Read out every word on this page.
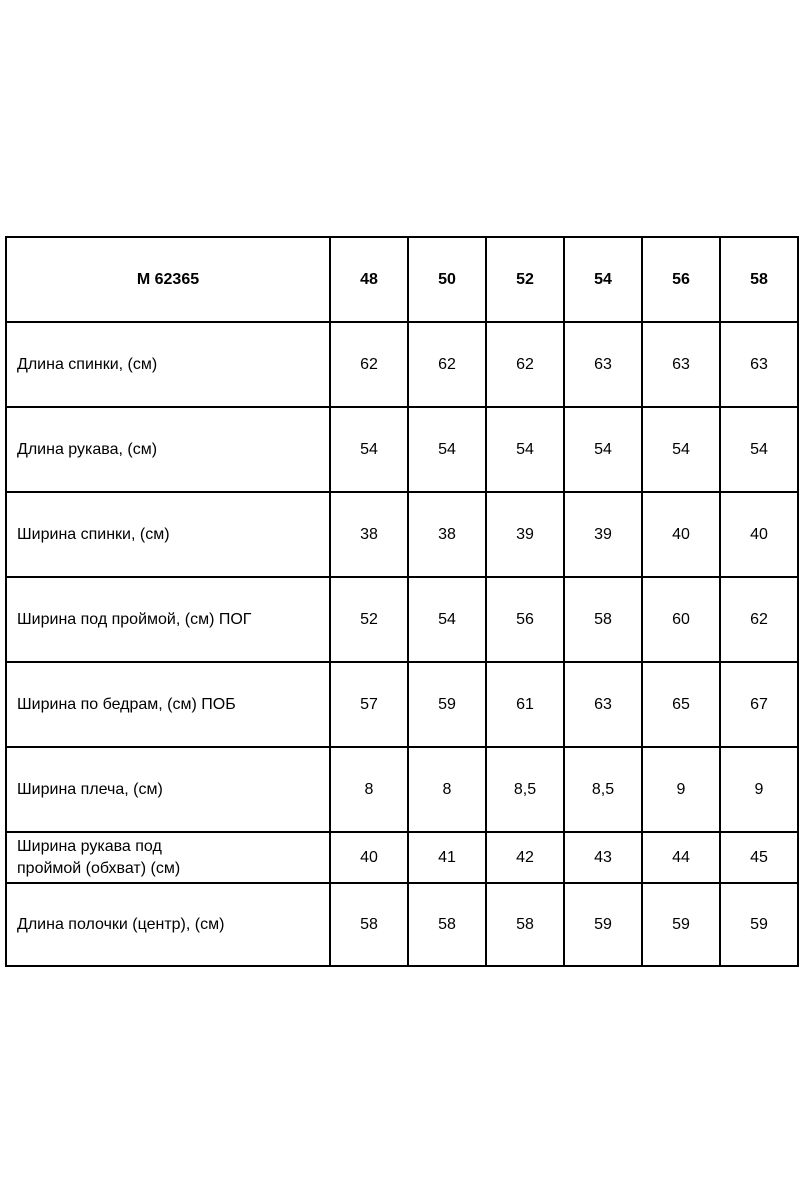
M 62365	48	50	52	54	56	58
Длина спинки, (см)	62	62	62	63	63	63
Длина рукава, (см)	54	54	54	54	54	54
Ширина спинки, (см)	38	38	39	39	40	40
Ширина под проймой, (см) ПОГ	52	54	56	58	60	62
Ширина по бедрам, (см) ПОБ	57	59	61	63	65	67
Ширина плеча, (см)	8	8	8,5	8,5	9	9

Ширина рукава под
проймой (обхват) (см)	40	41	42	43	44	45
Длина полочки (центр), (см)	58	58	58	59	59	59
